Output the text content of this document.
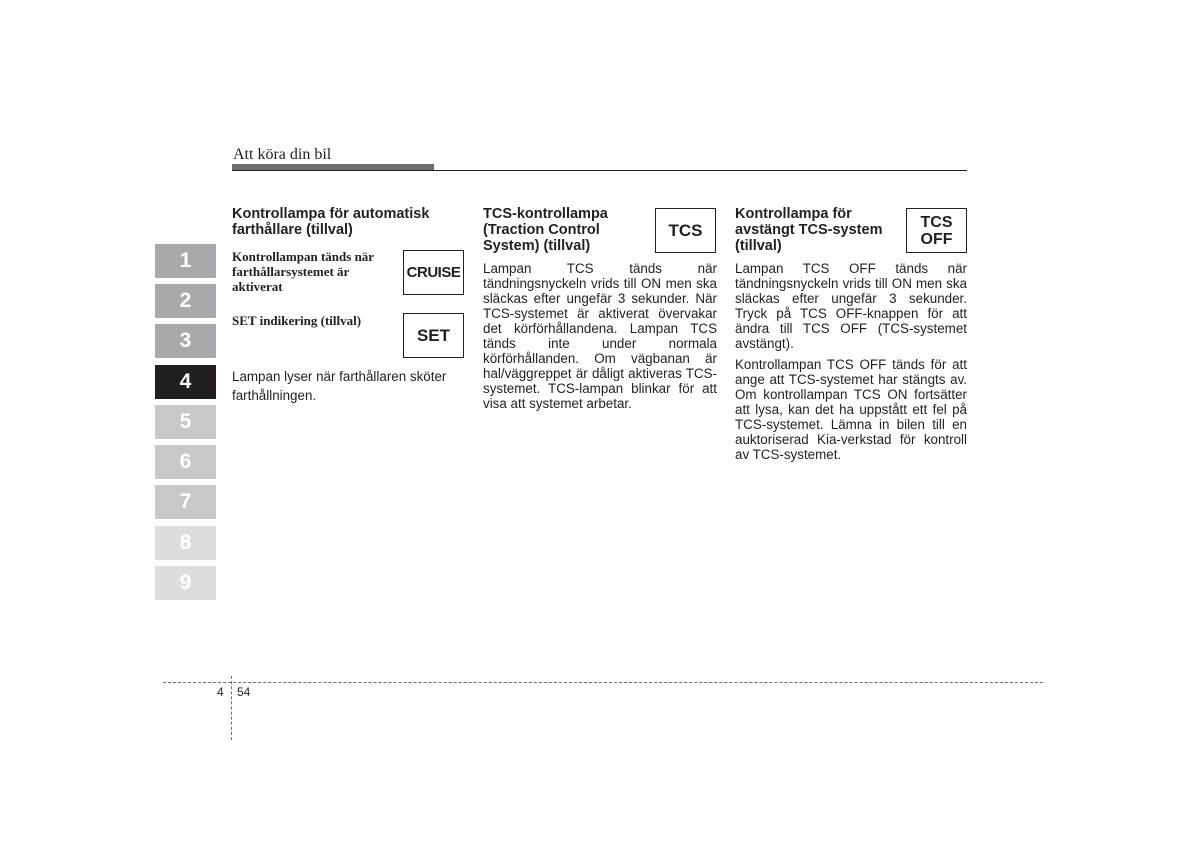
Att köra din bil
1
2
3
4
5
6
7
8
9
Kontrollampa för automatisk farthållare (tillval)

Kontrollampan tänds när farthållarsystemet är aktiverat

SET indikering (tillval)

Lampan lyser när farthållaren sköter farthållningen.

CRUISE
SET
TCS-kontrollampa (Traction Control System) (tillval)

Lampan TCS tänds när tändningsnyckeln vrids till ON men ska släckas efter ungefär 3 sekunder. När TCS-systemet är aktiverat övervakar det körförhållandena. Lampan TCS tänds inte under normala körförhållanden. Om vägbanan är hal/väggreppet är dåligt aktiveras TCS-systemet. TCS-lampan blinkar för att visa att systemet arbetar.

TCS
Kontrollampa för avstängt TCS-system (tillval)

Lampan TCS OFF tänds när tändningsnyckeln vrids till ON men ska släckas efter ungefär 3 sekunder. Tryck på TCS OFF-knappen för att ändra till TCS OFF (TCS-systemet avstängt).

Kontrollampan TCS OFF tänds för att ange att TCS-systemet har stängts av. Om kontrollampan TCS ON fortsätter att lysa, kan det ha uppstått ett fel på TCS-systemet. Lämna in bilen till en auktoriserad Kia-verkstad för kontroll av TCS-systemet.

TCS
OFF
4 54
